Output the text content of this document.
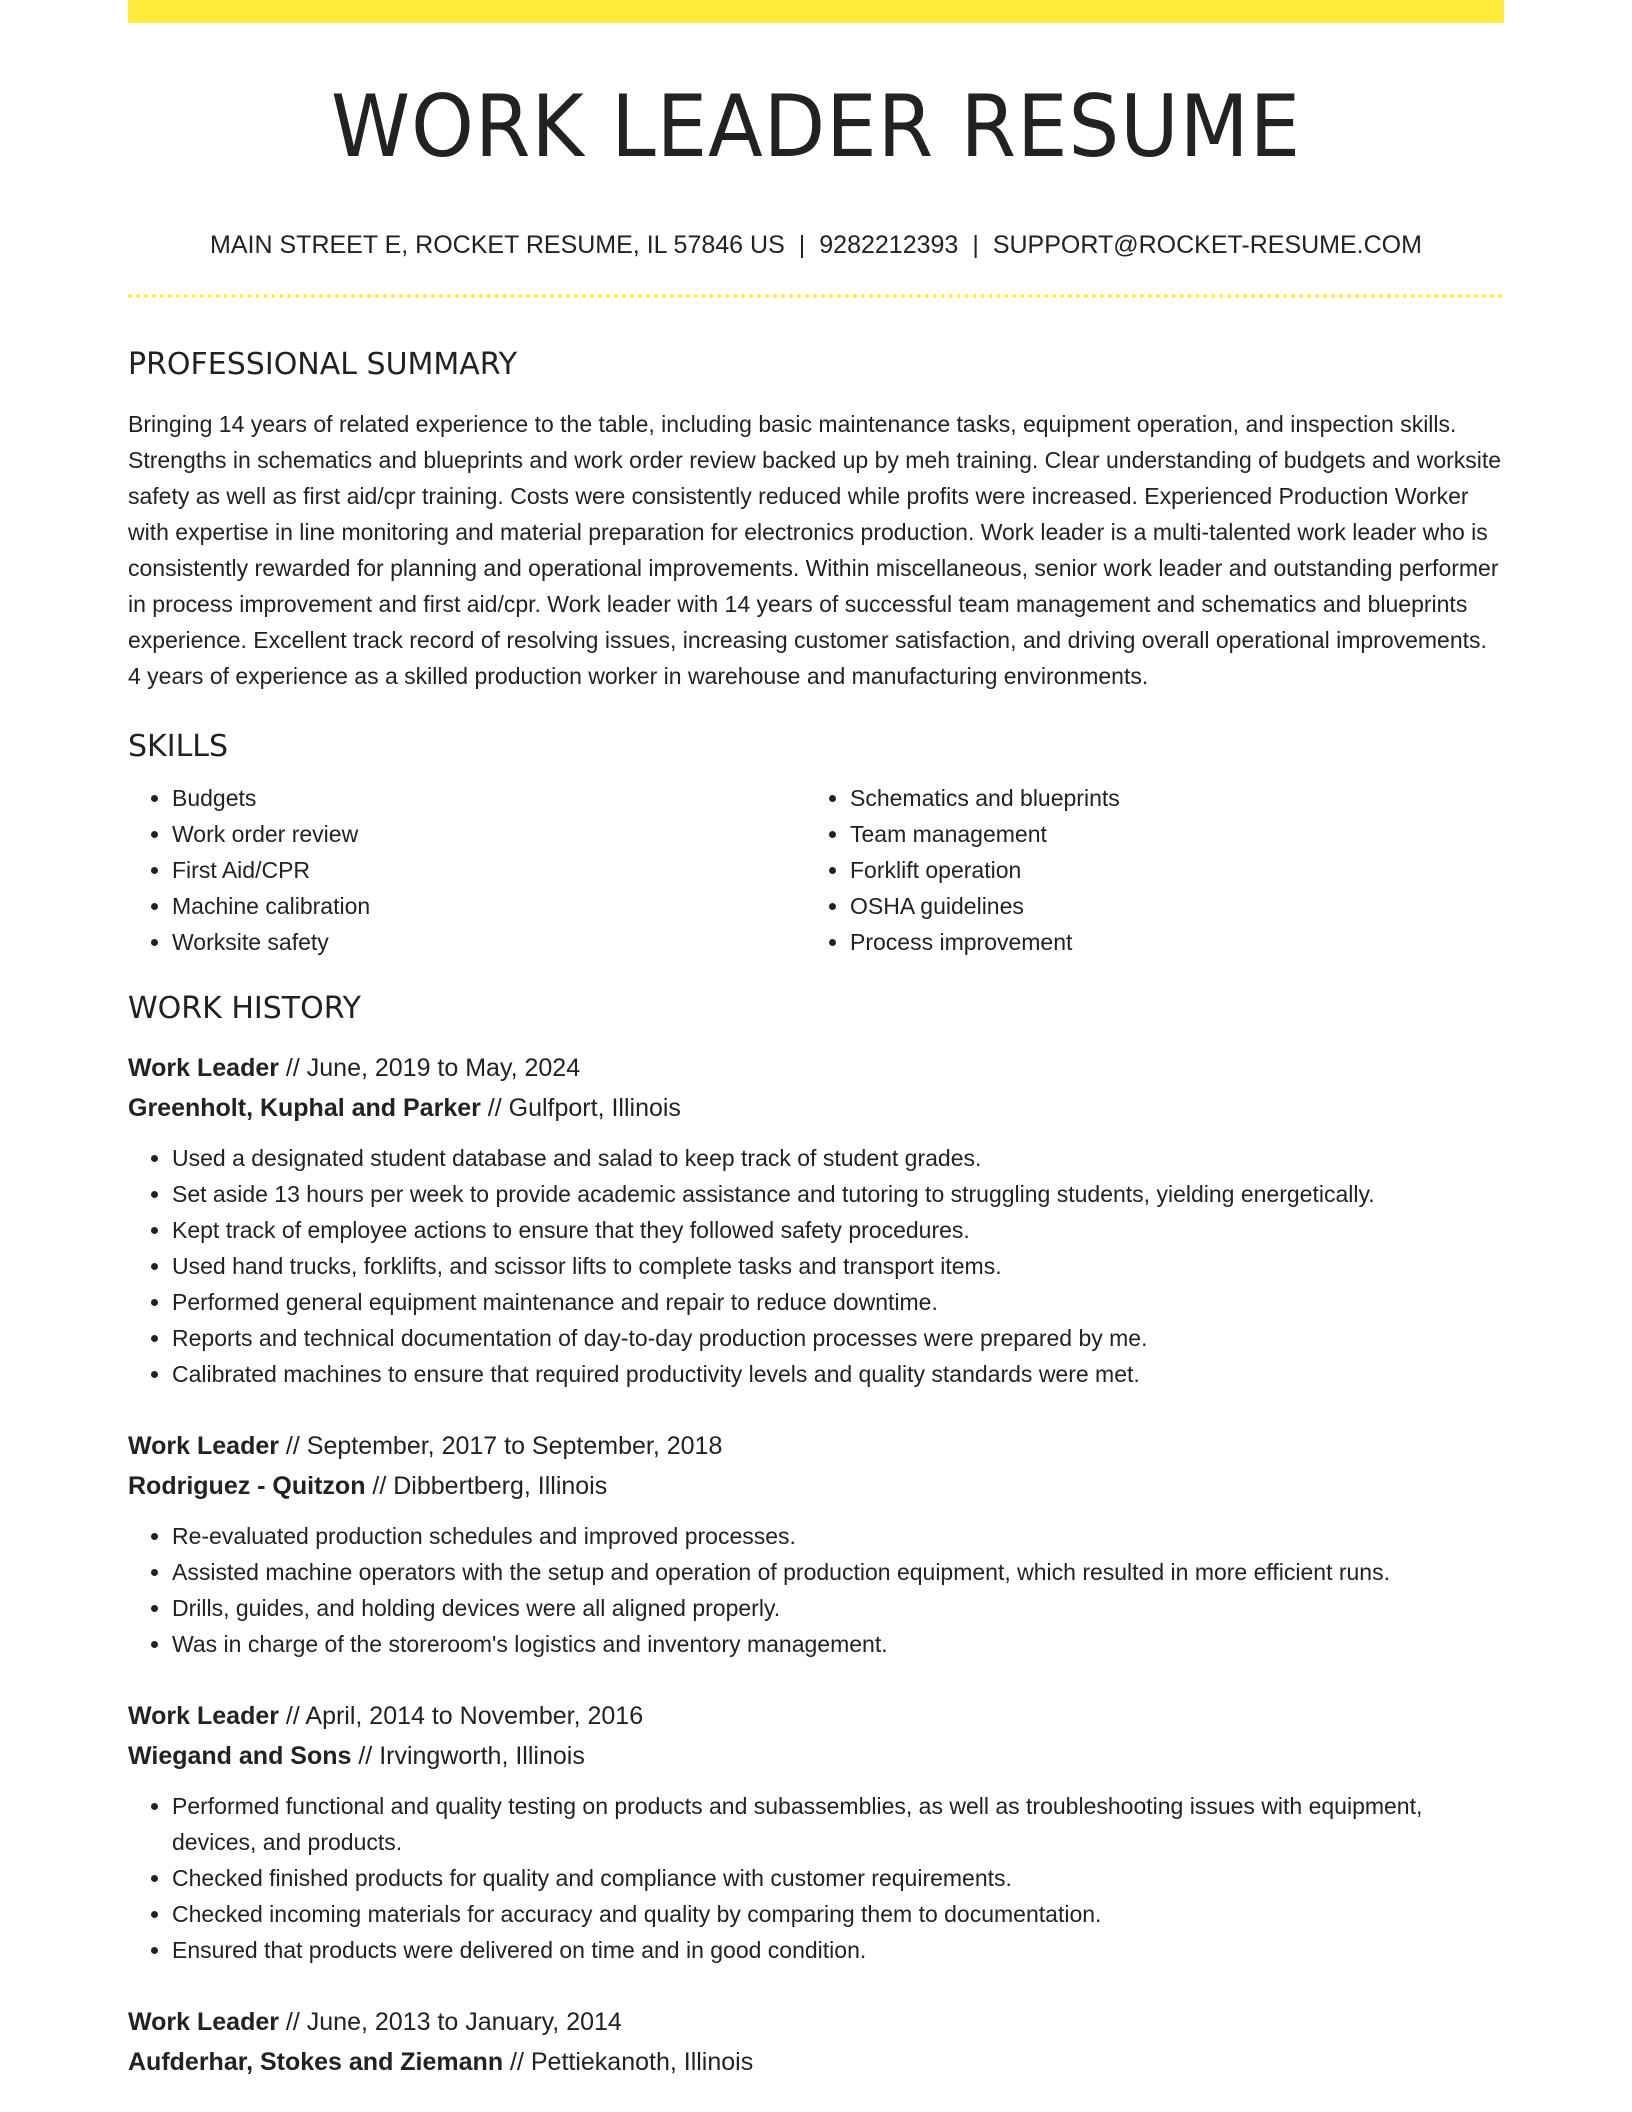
WORK LEADER RESUME
MAIN STREET E, ROCKET RESUME, IL 57846 US | 9282212393 | SUPPORT@ROCKET-RESUME.COM
PROFESSIONAL SUMMARY

Bringing 14 years of related experience to the table, including basic maintenance tasks, equipment operation, and inspection skills. Strengths in schematics and blueprints and work order review backed up by meh training. Clear understanding of budgets and worksite safety as well as first aid/cpr training. Costs were consistently reduced while profits were increased. Experienced Production Worker with expertise in line monitoring and material preparation for electronics production. Work leader is a multi-talented work leader who is consistently rewarded for planning and operational improvements. Within miscellaneous, senior work leader and outstanding performer in process improvement and first aid/cpr. Work leader with 14 years of successful team management and schematics and blueprints experience. Excellent track record of resolving issues, increasing customer satisfaction, and driving overall operational improvements. 4 years of experience as a skilled production worker in warehouse and manufacturing environments.

SKILLS
• Budgets
• Work order review
• First Aid/CPR
• Machine calibration
• Worksite safety
• Schematics and blueprints
• Team management
• Forklift operation
• OSHA guidelines
• Process improvement
WORK HISTORY
Work Leader // June, 2019 to May, 2024
Greenholt, Kuphal and Parker // Gulfport, Illinois
• Used a designated student database and salad to keep track of student grades.
• Set aside 13 hours per week to provide academic assistance and tutoring to struggling students, yielding energetically.
• Kept track of employee actions to ensure that they followed safety procedures.
• Used hand trucks, forklifts, and scissor lifts to complete tasks and transport items.
• Performed general equipment maintenance and repair to reduce downtime.
• Reports and technical documentation of day-to-day production processes were prepared by me.
• Calibrated machines to ensure that required productivity levels and quality standards were met.
Work Leader // September, 2017 to September, 2018
Rodriguez - Quitzon // Dibbertberg, Illinois
• Re-evaluated production schedules and improved processes.
• Assisted machine operators with the setup and operation of production equipment, which resulted in more efficient runs.
• Drills, guides, and holding devices were all aligned properly.
• Was in charge of the storeroom's logistics and inventory management.
Work Leader // April, 2014 to November, 2016
Wiegand and Sons // Irvingworth, Illinois
• Performed functional and quality testing on products and subassemblies, as well as troubleshooting issues with equipment, devices, and products.
• Checked finished products for quality and compliance with customer requirements.
• Checked incoming materials for accuracy and quality by comparing them to documentation.
• Ensured that products were delivered on time and in good condition.
Work Leader // June, 2013 to January, 2014
Aufderhar, Stokes and Ziemann // Pettiekanoth, Illinois
